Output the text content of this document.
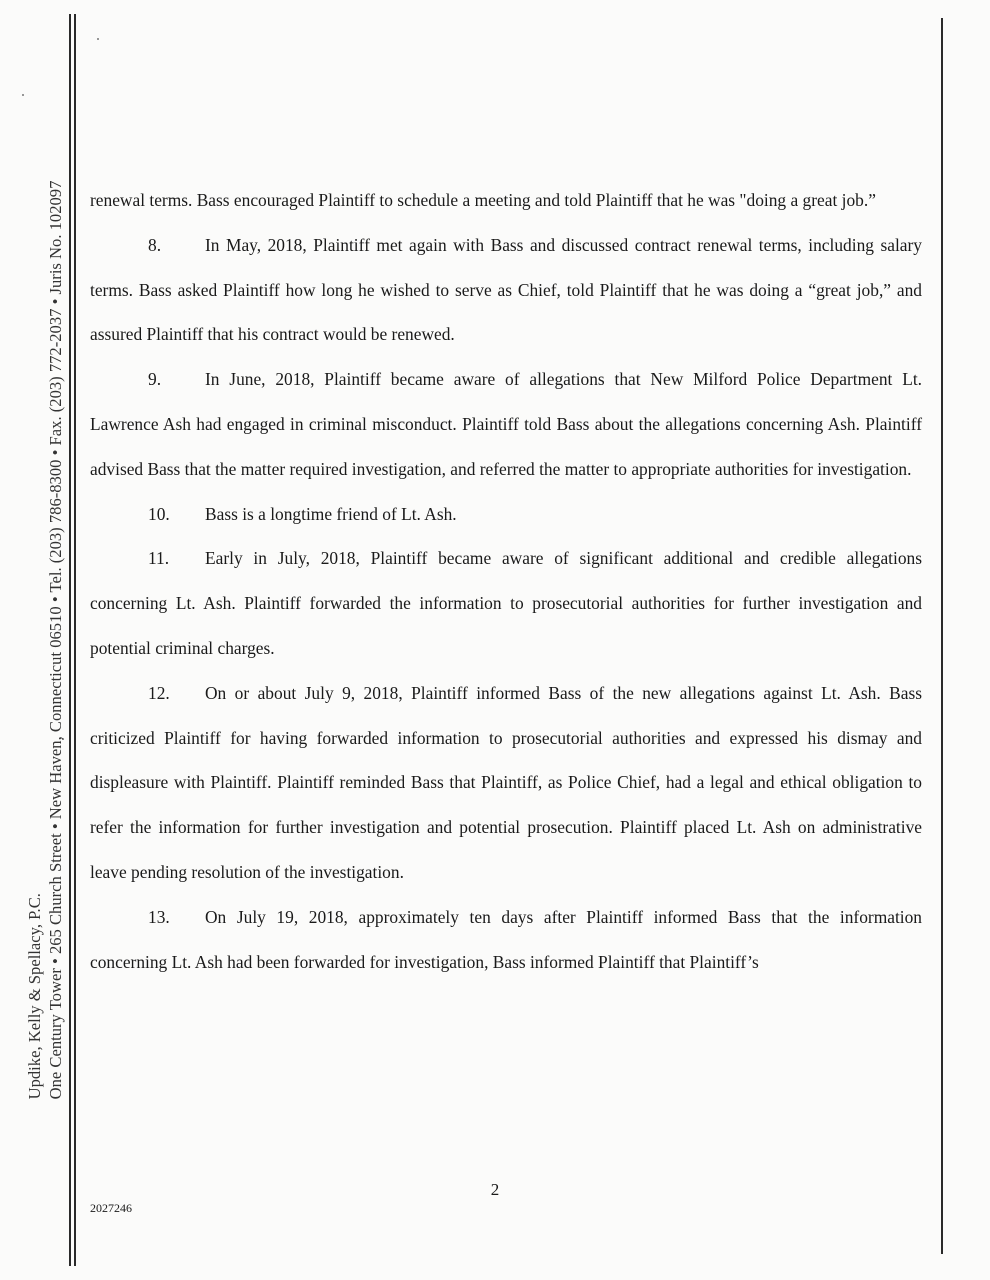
Updike, Kelly & Spellacy, P.C. One Century Tower • 265 Church Street • New Haven, Connecticut 06510 • Tel. (203) 786-8300 • Fax. (203) 772-2037 • Juris No. 102097 renewal terms. Bass encouraged Plaintiff to schedule a meeting and told Plaintiff that he was "doing a great job.”

8.	In May, 2018, Plaintiff met again with Bass and discussed contract renewal terms, including salary terms. Bass asked Plaintiff how long he wished to serve as Chief, told Plaintiff that he was doing a “great job,” and assured Plaintiff that his contract would be renewed.

9.	In June, 2018, Plaintiff became aware of allegations that New Milford Police Department Lt. Lawrence Ash had engaged in criminal misconduct. Plaintiff told Bass about the allegations concerning Ash. Plaintiff advised Bass that the matter required investigation, and referred the matter to appropriate authorities for investigation.

10. Bass is a longtime friend of Lt. Ash.

11. Early in July, 2018, Plaintiff became aware of significant additional and credible allegations concerning Lt. Ash. Plaintiff forwarded the information to prosecutorial authorities for further investigation and potential criminal charges.

12. On or about July 9, 2018, Plaintiff informed Bass of the new allegations against Lt. Ash. Bass criticized Plaintiff for having forwarded information to prosecutorial authorities and expressed his dismay and displeasure with Plaintiff. Plaintiff reminded Bass that Plaintiff, as Police Chief, had a legal and ethical obligation to refer the information for further investigation and potential prosecution. Plaintiff placed Lt. Ash on administrative leave pending resolution of the investigation.

13. On July 19, 2018, approximately ten days after Plaintiff informed Bass that the information concerning Lt. Ash had been forwarded for investigation, Bass informed Plaintiff that Plaintiff’s

2
2027246
